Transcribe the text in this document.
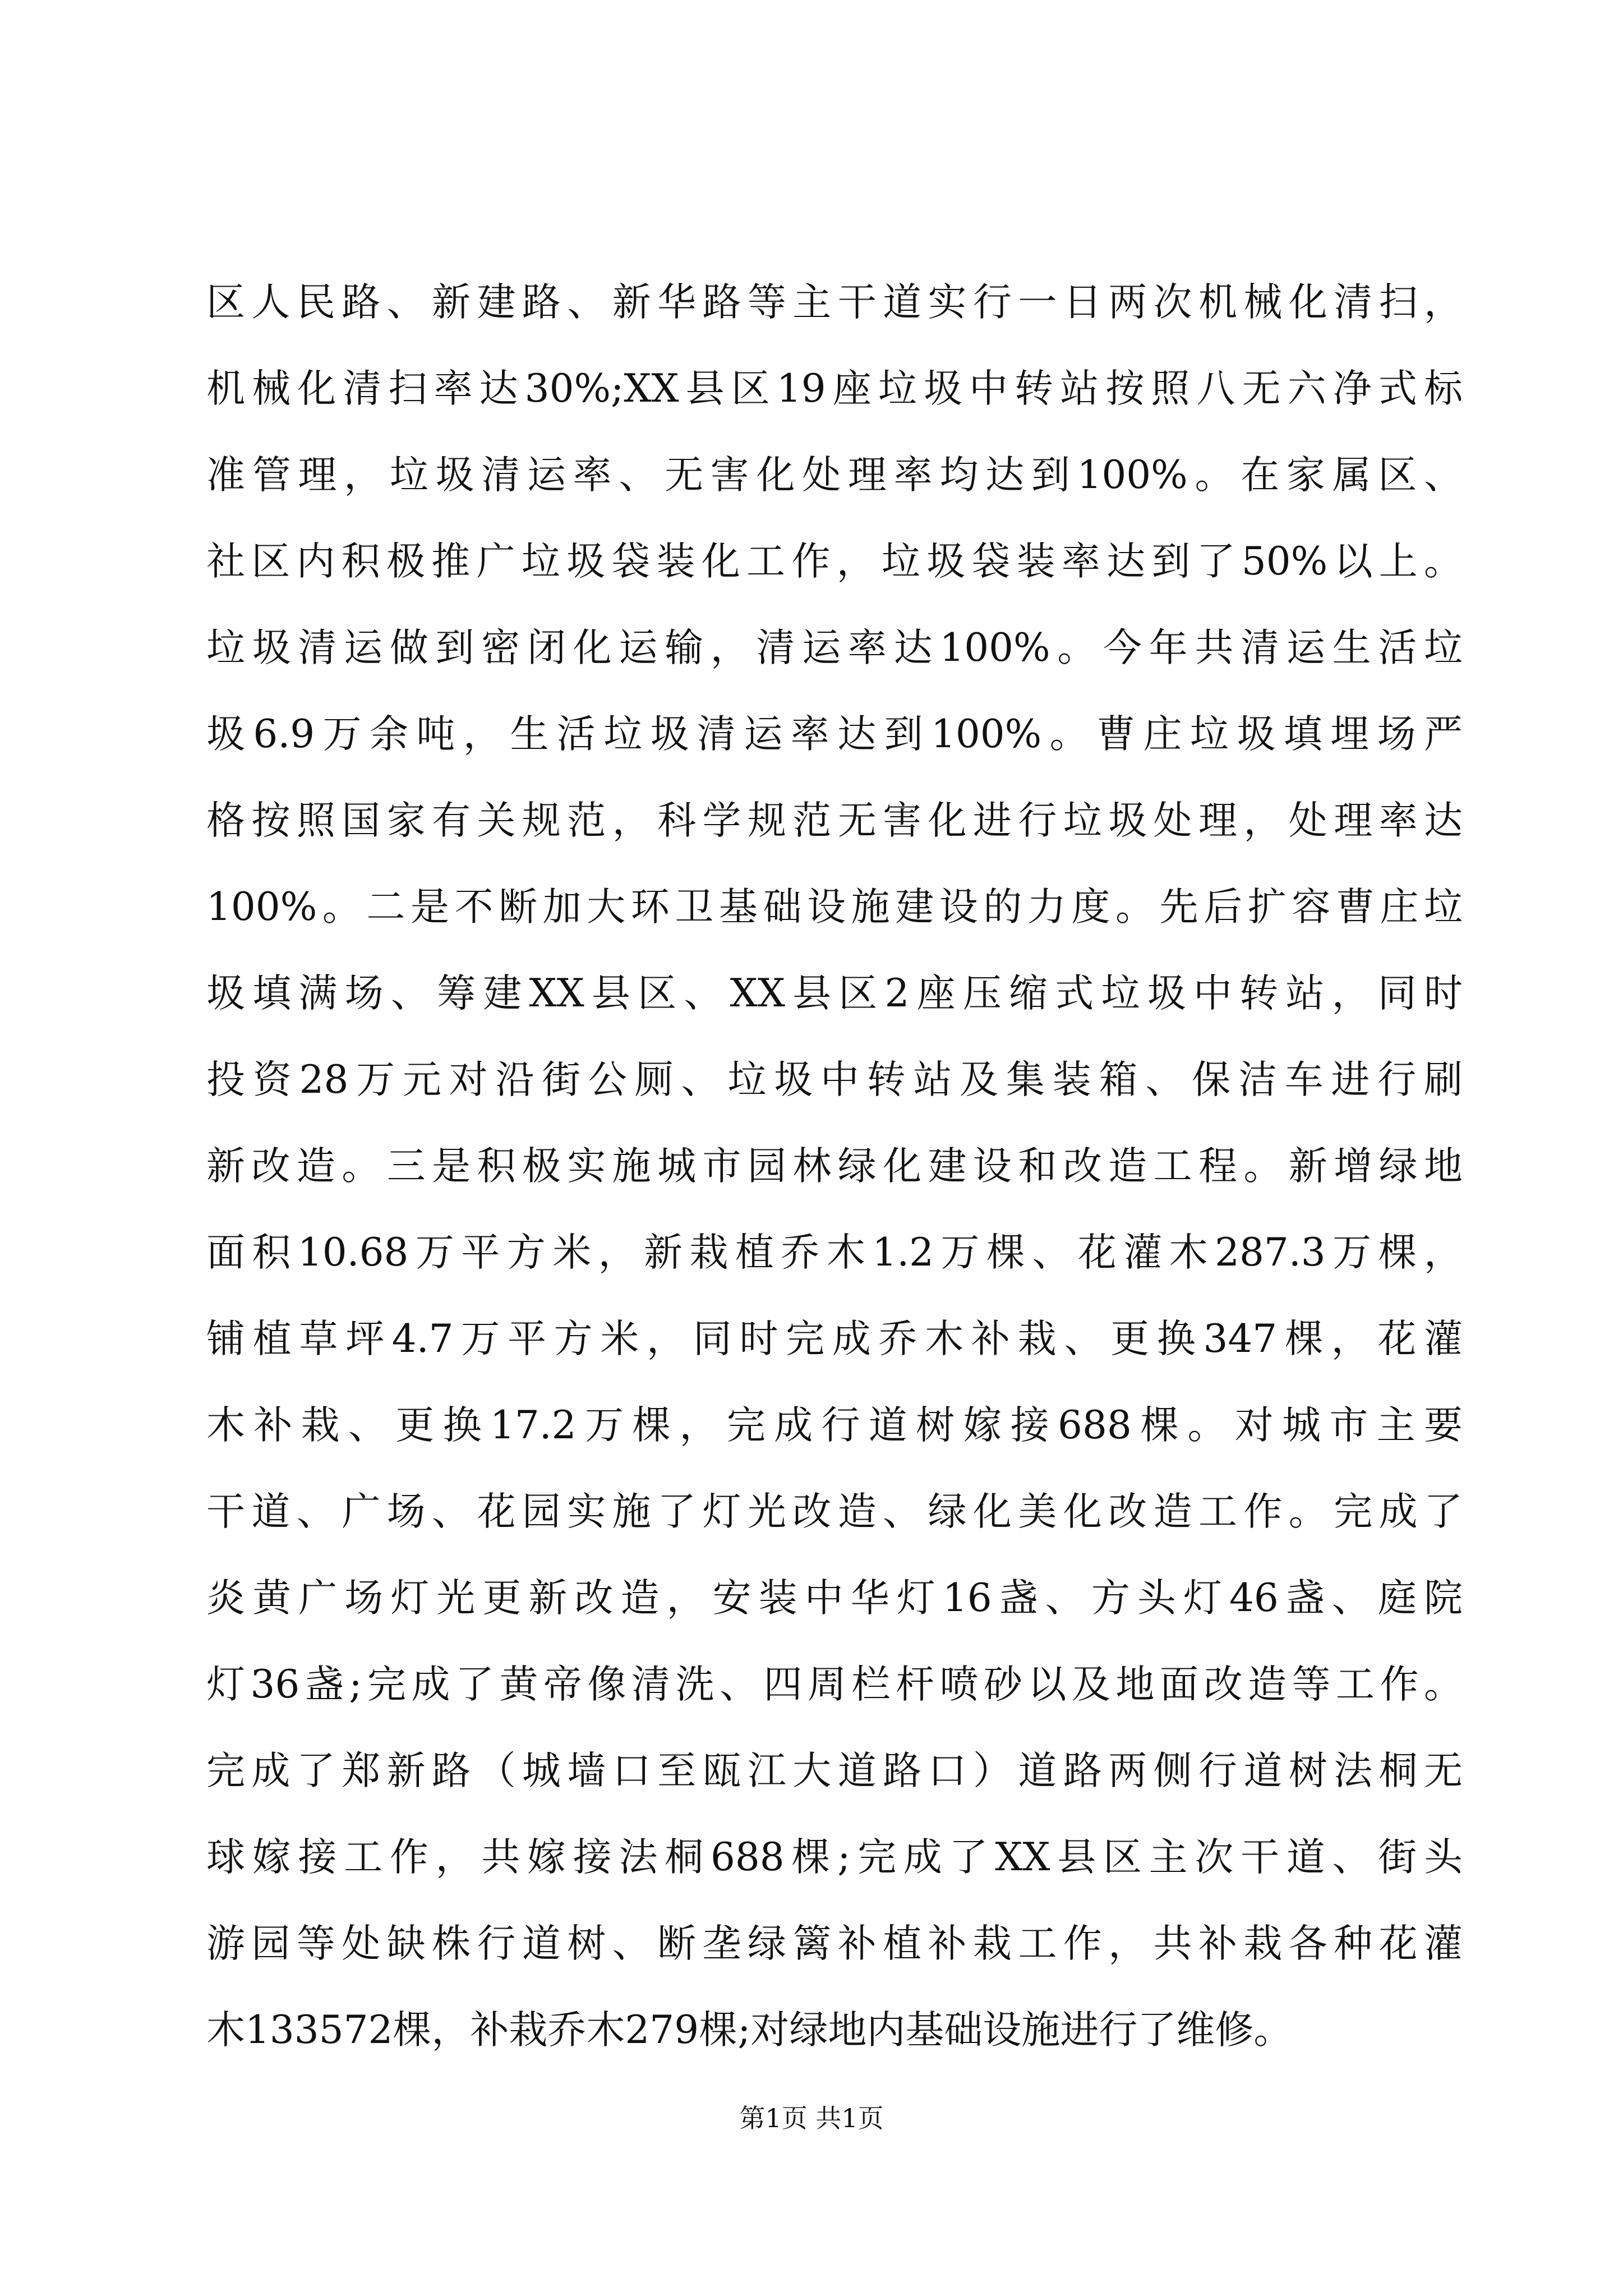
区人民路、新建路、新华路等主干道实行一日两次机械化清扫，
机械化清扫率达30%;XX县区19座垃圾中转站按照八无六净式标
准管理，垃圾清运率、无害化处理率均达到100%。在家属区、
社区内积极推广垃圾袋装化工作，垃圾袋装率达到了50%以上。
垃圾清运做到密闭化运输，清运率达100%。今年共清运生活垃
圾6.9万余吨，生活垃圾清运率达到100%。曹庄垃圾填埋场严
格按照国家有关规范，科学规范无害化进行垃圾处理，处理率达
100%。二是不断加大环卫基础设施建设的力度。先后扩容曹庄垃
圾填满场、筹建XX县区、XX县区2座压缩式垃圾中转站，同时
投资28万元对沿街公厕、垃圾中转站及集装箱、保洁车进行刷
新改造。三是积极实施城市园林绿化建设和改造工程。新增绿地
面积10.68万平方米，新栽植乔木1.2万棵、花灌木287.3万棵，
铺植草坪4.7万平方米，同时完成乔木补栽、更换347棵，花灌
木补栽、更换17.2万棵，完成行道树嫁接688棵。对城市主要
干道、广场、花园实施了灯光改造、绿化美化改造工作。完成了
炎黄广场灯光更新改造，安装中华灯16盏、方头灯46盏、庭院
灯36盏;完成了黄帝像清洗、四周栏杆喷砂以及地面改造等工作。
完成了郑新路（城墙口至瓯江大道路口）道路两侧行道树法桐无
球嫁接工作，共嫁接法桐688棵;完成了XX县区主次干道、街头
游园等处缺株行道树、断垄绿篱补植补栽工作，共补栽各种花灌
木133572棵，补栽乔木279棵;对绿地内基础设施进行了维修。
第1页 共1页
